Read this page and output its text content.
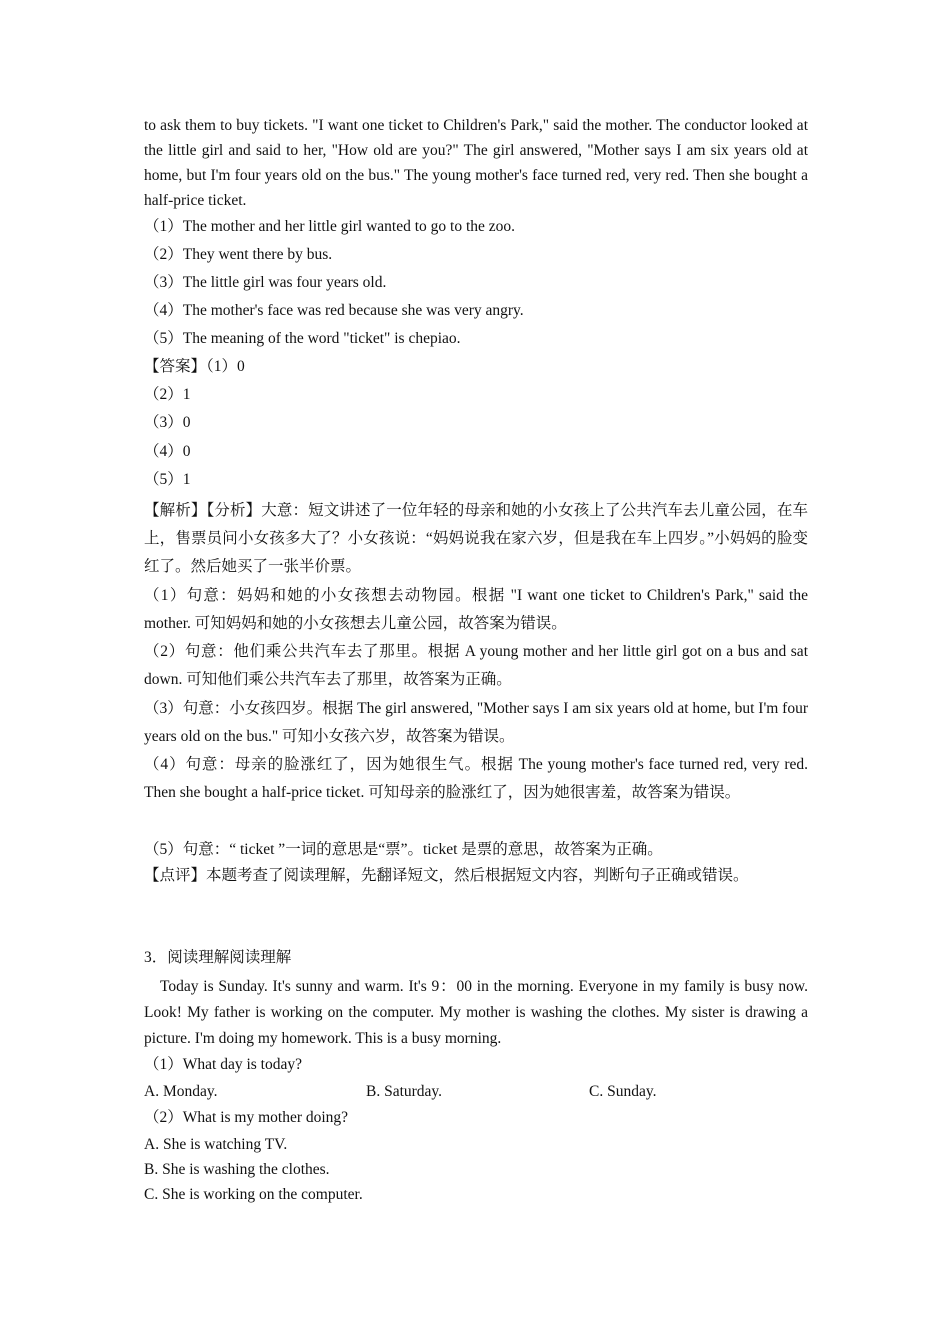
to ask them to buy tickets. "I want one ticket to Children's Park," said the mother. The conductor looked at the little girl and said to her, "How old are you?" The girl answered, "Mother says I am six years old at home, but I'm four years old on the bus." The young mother's face turned red, very red. Then she bought a half-price ticket.

（1）The mother and her little girl wanted to go to the zoo.

（2）They went there by bus.

（3）The little girl was four years old.

（4）The mother's face was red because she was very angry.

（5）The meaning of the word "ticket" is chepiao.

【答案】（1）0

（2）1

（3）0

（4）0

（5）1

【解析】【分析】大意：短文讲述了一位年轻的母亲和她的小女孩上了公共汽车去儿童公园，在车上，售票员问小女孩多大了？小女孩说：“妈妈说我在家六岁，但是我在车上四岁。”小妈妈的脸变红了。然后她买了一张半价票。

（1）句意：妈妈和她的小女孩想去动物园。根据 "I want one ticket to Children's Park," said the mother. 可知妈妈和她的小女孩想去儿童公园，故答案为错误。

（2）句意：他们乘公共汽车去了那里。根据 A young mother and her little girl got on a bus and sat down. 可知他们乘公共汽车去了那里，故答案为正确。

（3）句意：小女孩四岁。根据 The girl answered, "Mother says I am six years old at home, but I'm four years old on the bus." 可知小女孩六岁，故答案为错误。

（4）句意：母亲的脸涨红了，因为她很生气。根据 The young mother's face turned red, very red. Then she bought a half-price ticket. 可知母亲的脸涨红了，因为她很害羞，故答案为错误。

（5）句意：“ ticket ”一词的意思是“票”。ticket 是票的意思，故答案为正确。

【点评】本题考查了阅读理解，先翻译短文，然后根据短文内容，判断句子正确或错误。

3．阅读理解阅读理解

Today is Sunday. It's sunny and warm. It's 9：00 in the morning. Everyone in my family is busy now. Look! My father is working on the computer. My mother is washing the clothes. My sister is drawing a picture. I'm doing my homework. This is a busy morning.

（1）What day is today?

A. Monday.	B. Saturday.	C. Sunday.

（2）What is my mother doing?

A. She is watching TV.

B. She is washing the clothes.

C. She is working on the computer.
